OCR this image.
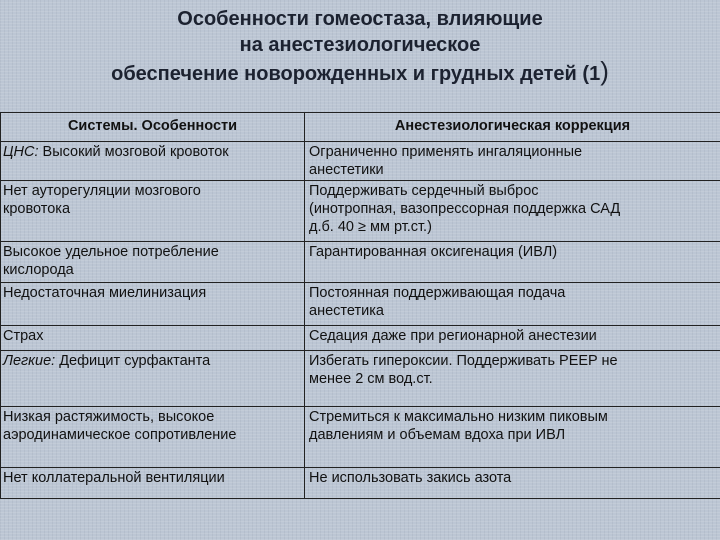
Особенности гомеостаза, влияющие
на анестезиологическое
обеспечение новорожденных и грудных детей (1)
Системы. Особенности	Анестезиологическая коррекция
ЦНС: Высокий мозговой кровоток	Ограниченно применять ингаляционные
анестетики

Нет ауторегуляции мозгового
кровотока	Поддерживать сердечный выброс
(инотропная, вазопрессорная поддержка САД
д.б. 40 ≥ мм рт.ст.)

Высокое удельное потребление
кислорода	Гарантированная оксигенация (ИВЛ)

Недостаточная миелинизация	Постоянная поддерживающая подача
анестетика

Страх	Седация даже при регионарной анестезии

Легкие: Дефицит сурфактанта	Избегать гипероксии. Поддерживать PEEP не
менее 2 см вод.ст.

Низкая растяжимость, высокое
аэродинамическое сопротивление	Стремиться к максимально низким пиковым
давлениям и объемам вдоха при ИВЛ

Нет коллатеральной вентиляции	Не использовать закись азота
